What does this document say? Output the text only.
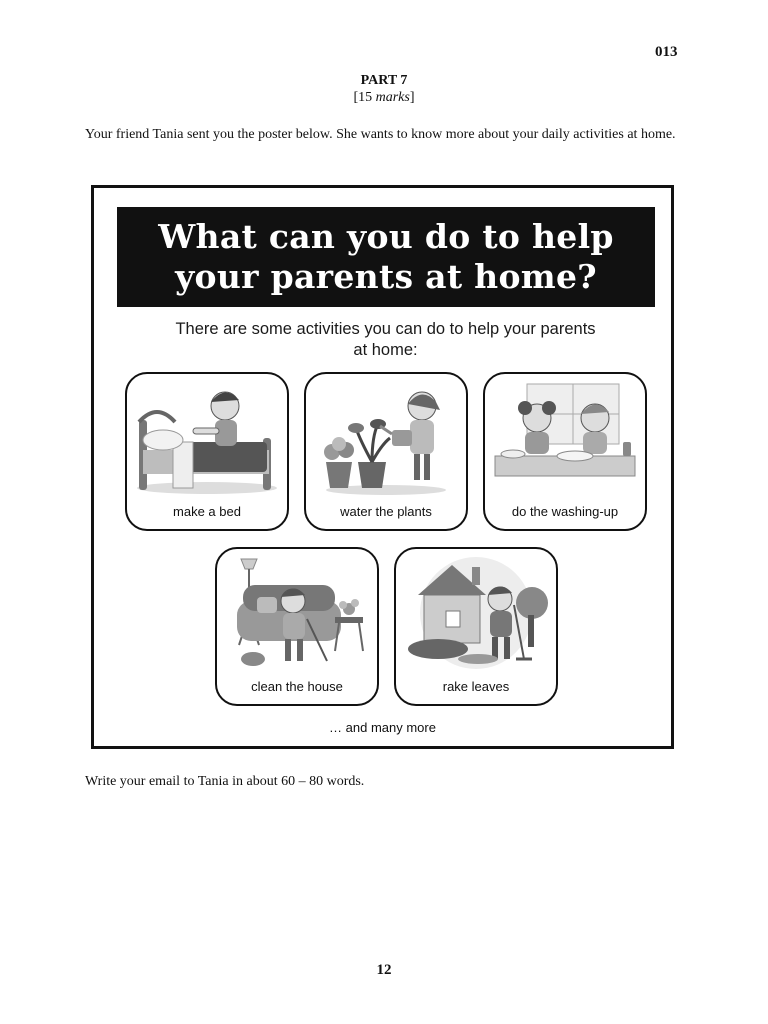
013
PART 7
[15 marks]
Your friend Tania sent you the poster below. She wants to know more about your daily activities at home.
What can you do to help your parents at home?
There are some activities you can do to help your parents at home:
make a bed	water the plants	do the washing-up
clean the house	rake leaves
… and many more
Write your email to Tania in about 60 – 80 words.
12
